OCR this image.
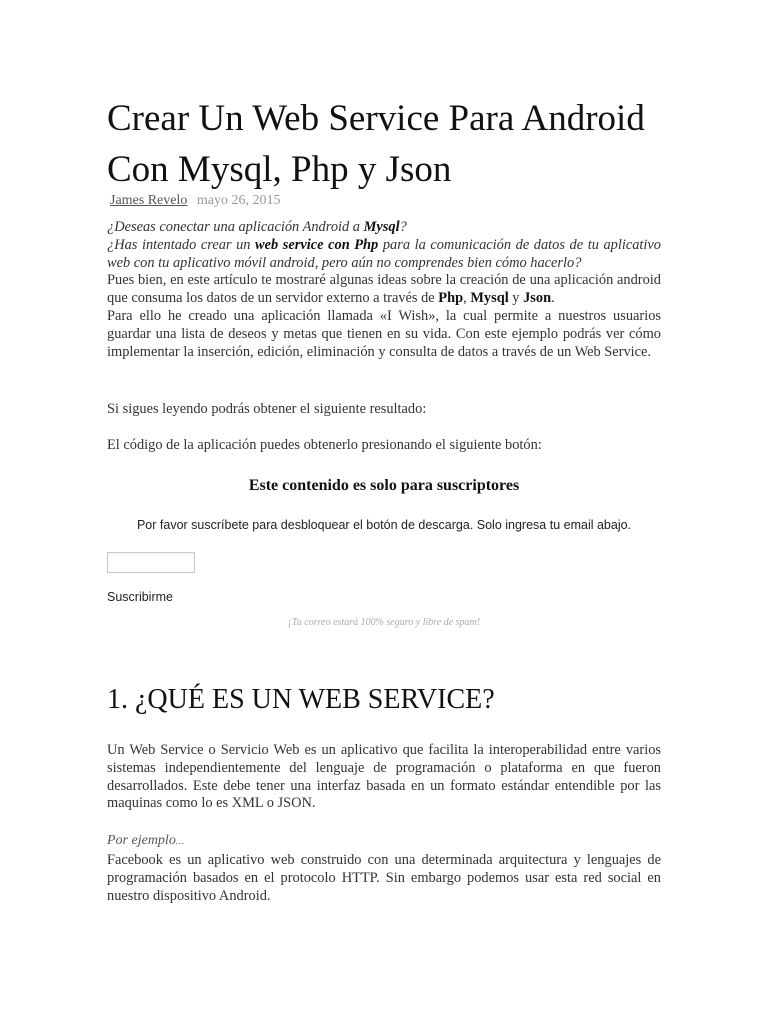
Crear Un Web Service Para Android Con Mysql, Php y Json
James Revelo mayo 26, 2015

¿Deseas conectar una aplicación Android a Mysql?

¿Has intentado crear un web service con Php para la comunicación de datos de tu aplicativo web con tu aplicativo móvil android, pero aún no comprendes bien cómo hacerlo?

Pues bien, en este artículo te mostraré algunas ideas sobre la creación de una aplicación android que consuma los datos de un servidor externo a través de Php, Mysql y Json.

Para ello he creado una aplicación llamada «I Wish», la cual permite a nuestros usuarios guardar una lista de deseos y metas que tienen en su vida. Con este ejemplo podrás ver cómo implementar la inserción, edición, eliminación y consulta de datos a través de un Web Service.

Si sigues leyendo podrás obtener el siguiente resultado:

El código de la aplicación puedes obtenerlo presionando el siguiente botón:

Este contenido es solo para suscriptores
Por favor suscríbete para desbloquear el botón de descarga. Solo ingresa tu email abajo.
Suscribirme
¡Tu correo estará 100% seguro y libre de spam!
1. ¿QUÉ ES UN WEB SERVICE?

Un Web Service o Servicio Web es un aplicativo que facilita la interoperabilidad entre varios sistemas independientemente del lenguaje de programación o plataforma en que fueron desarrollados. Este debe tener una interfaz basada en un formato estándar entendible por las maquinas como lo es XML o JSON.

Por ejemplo…

Facebook es un aplicativo web construido con una determinada arquitectura y lenguajes de programación basados en el protocolo HTTP. Sin embargo podemos usar esta red social en nuestro dispositivo Android.
